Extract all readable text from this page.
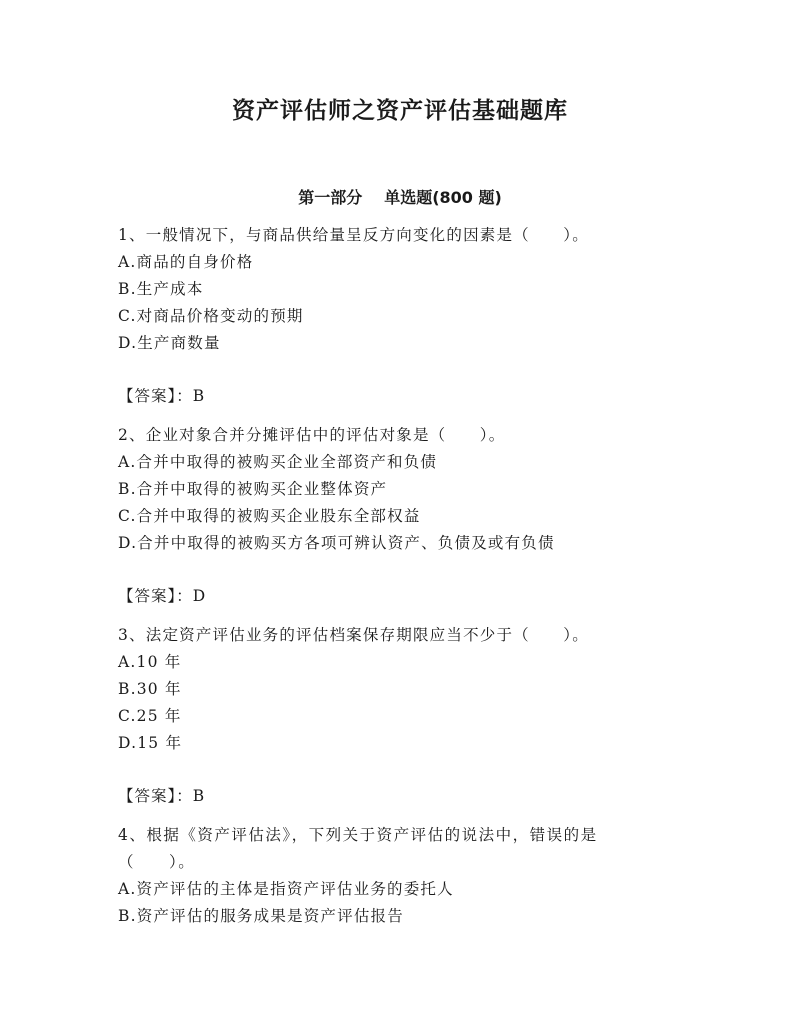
资产评估师之资产评估基础题库
第一部分 单选题(800 题)
1、一般情况下，与商品供给量呈反方向变化的因素是（　　）。
A.商品的自身价格
B.生产成本
C.对商品价格变动的预期
D.生产商数量
【答案】：B
2、企业对象合并分摊评估中的评估对象是（　　）。
A.合并中取得的被购买企业全部资产和负债
B.合并中取得的被购买企业整体资产
C.合并中取得的被购买企业股东全部权益
D.合并中取得的被购买方各项可辨认资产、负债及或有负债
【答案】：D
3、法定资产评估业务的评估档案保存期限应当不少于（　　）。
A.10 年
B.30 年
C.25 年
D.15 年
【答案】：B
4、根据《资产评估法》，下列关于资产评估的说法中，错误的是（　　）。
A.资产评估的主体是指资产评估业务的委托人
B.资产评估的服务成果是资产评估报告
